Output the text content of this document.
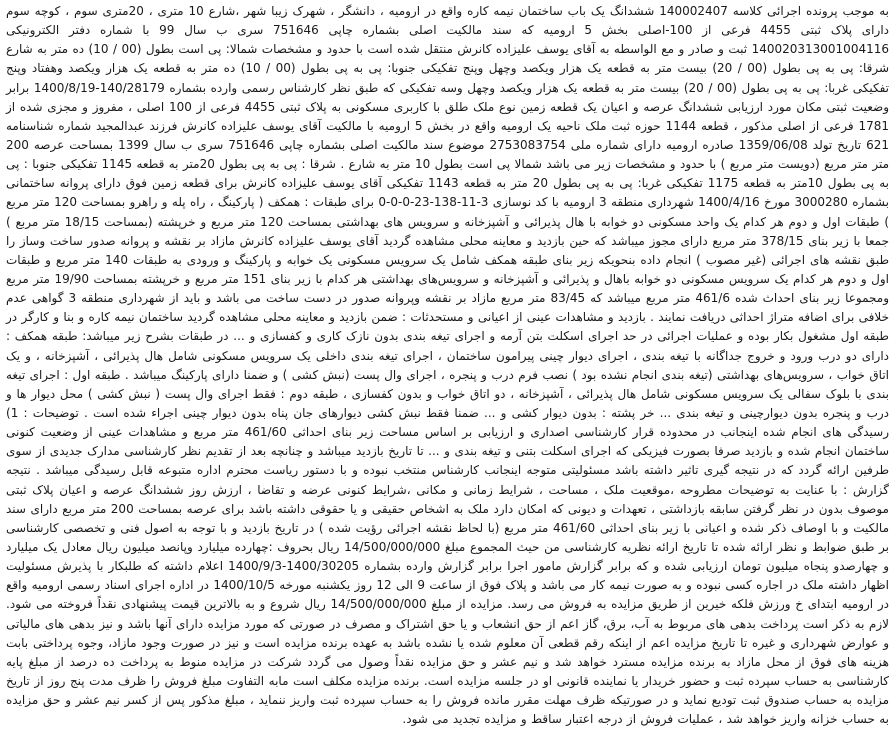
به موجب پرونده اجرائی کلاسه 140002407 ششدانگ یک باب ساختمان نیمه کاره واقع در ارومیه ، دانشگر ، شهرک زیبا شهر ،شارع 10 متری ، 20متری سوم ، کوچه سوم دارای پلاک ثبتی 4455 فرعی از 100-اصلی بخش 5 ارومیه که سند مالکیت اصلی بشماره چاپی 751646 سری ب سال 99 با شماره دفتر الکترونیکی 140020313001004116 ثبت و صادر و مع الواسطه به آقای یوسف علیزاده کانرش منتقل شده است با حدود و مشخصات شمالا: پی است بطول (00 / 10) ده متر به شارع شرقا: پی به پی بطول (00 / 20) بیست متر به قطعه یک هزار ویکصد وچهل وپنج تفکیکی جنوبا: پی به پی بطول (00 / 10) ده متر به قطعه یک هزار ویکصد وهفتاد وپنج تفکیکی غربا: پی به پی بطول (00 / 20) بیست متر به قطعه یک هزار ویکصد وچهل وسه تفکیکی که طبق نظر کارشناس رسمی وارده بشماره 140/28179-1400/8/19 برابر وضعیت ثبتی مکان مورد ارزیابی ششدانگ عرصه و اعیان یک قطعه زمین نوع ملک طلق با کاربری مسکونی به پلاک ثبتی 4455 فرعی از 100 اصلی ، مفروز و مجزی شده از 1781 فرعی از اصلی مذکور ، قطعه 1144 حوزه ثبت ملک ناحیه یک ارومیه واقع در بخش 5 ارومیه با مالکیت آقای یوسف علیزاده کانرش فرزند عبدالمجید شماره شناسنامه 621 تاریخ تولد 1359/06/08 صادره ارومیه دارای شماره ملی 2753083754 موضوع سند مالکیت اصلی بشماره چاپی 751646 سری ب سال 1399 بمساحت عرصه 200 متر متر مربع (دویست متر مربع ) با حدود و مشخصات زیر می باشد شمالا پی است بطول 10 متر به شارع . شرقا : پی به پی بطول 20متر به قطعه 1145 تفکیکی جنوبا : پی به پی بطول 10متر به قطعه 1175 تفکیکی غربا: پی به پی بطول 20 متر به قطعه 1143 تفکیکی آقای یوسف علیزاده کانرش برای قطعه زمین فوق دارای پروانه ساختمانی بشماره 3000280 مورخ 1400/4/16 شهرداری منطقه 3 ارومیه با کد نوسازی 3-11-138-23-0-0-0 برای طبقات : همکف ( پارکینگ ، راه پله و راهرو بمساحت 120 متر مربع ) طبقات اول و دوم هر کدام یک واحد مسکونی دو خوابه با هال پذیرائی و آشپزخانه و سرویس های بهداشتی بمساحت 120 متر مربع و خرپشته (بمساحت 18/15 متر مربع ) جمعا با زیر بنای 378/15 متر مربع دارای مجوز میباشد که حین بازدید و معاینه محلی مشاهده گردید آقای یوسف علیزاده کانرش مازاد بر نقشه و پروانه صدور ساخت وساز را طبق نقشه های اجرائی (غیر مصوب ) انجام داده بنحویکه زیر بنای طبقه همکف شامل یک سرویس مسکونی یک خوابه و پارکینگ و ورودی به طبقات 140 متر مربع و طبقات اول و دوم هر کدام یک سرویس مسکونی دو خوابه باهال و پذیرائی و آشپزخانه و سرویس‌های بهداشتی هر کدام با زیر بنای 151 متر مربع و خرپشته بمساحت 19/90 متر مربع ومجموعا زیر بنای احداث شده 461/6 متر مربع میباشد که 83/45 متر مربع مازاد بر نقشه وپروانه صدور در دست ساخت می باشد و باید از شهرداری منطقه 3 گواهی عدم خلافی برای اضافه متراژ احداثی دریافت نمایند . بازدید و مشاهدات عینی از اعیانی و مستحدثات : ضمن بازدید و معاینه محلی مشاهده گردید ساختمان نیمه کاره و بنا و کارگر در طبقه اول مشغول بکار بوده و عملیات اجرائی در حد اجرای اسکلت بتن آرمه و اجرای تیغه بندی بدون نازک کاری و کفسازی و ... در طبقات بشرح زیر میباشد: طبقه همکف : دارای دو درب ورود و خروج جداگانه با تیغه بندی ، اجرای دیوار چینی پیرامون ساختمان ، اجرای تیغه بندی داخلی یک سرویس مسکونی شامل هال پذیرائی ، آشپزخانه ، و یک اتاق خواب ، سرویس‌های بهداشتی (تیغه بندی انجام نشده بود ) نصب فرم درب و پنجره ، اجرای وال پست (نبش کشی ) و ضمنا دارای پارکینگ میباشد . طبقه اول : اجرای تیغه بندی با بلوک سفالی یک سرویس مسکونی شامل هال پذیرائی ، آشپزخانه ، دو اتاق خواب و بدون کفسازی ، طبقه دوم : فقط اجرای وال پست ( نبش کشی ) محل دیوار ها و درب و پنجره بدون دیوارچینی و تیغه بندی ... خر پشته : بدون دیوار کشی و ... ضمنا فقط نبش کشی دیوارهای جان پناه بدون دیوار چینی اجراء شده است . توضیحات : 1) رسیدگی های انجام شده اینجانب در محدوده قرار کارشناسی اصداری و ارزیابی بر اساس مساحت زیر بنای احداثی 461/60 متر مربع و مشاهدات عینی از وضعیت کنونی ساختمان انجام شده و بازدید صرفا بصورت فیزیکی که اجرای اسکلت بتنی و تیغه بندی و ... تا تاریخ بازدید میباشد و چنانچه بعد از تقدیم نظر کارشناسی مدارک جدیدی از سوی طرفین ارائه گردد که در نتیجه گیری تاثیر داشته باشد مسئولیتی متوجه اینجانب کارشناس منتخب نبوده و با دستور ریاست محترم اداره متبوعه قابل رسیدگی میباشد . نتیجه گزارش : با عنایت به توضیحات مطروحه ،موقعیت ملک ، مساحت ، شرایط زمانی و مکانی ،شرایط کنونی عرضه و تقاضا ، ارزش روز ششدانگ عرصه و اعیان پلاک ثبتی موصوف بدون در نظر گرفتن سابقه بازداشتی ، تعهدات و دیونی که امکان دارد ملک به اشخاص حقیقی و یا حقوقی داشته باشد برای عرصه بمساحت 200 متر مربع دارای سند مالکیت و با اوصاف ذکر شده و اعیانی با زیر بنای احداثی 461/60 متر مربع (با لحاظ نقشه اجرائی رؤیت شده ) در تاریخ بازدید و با توجه به اصول فنی و تخصصی کارشناسی بر طبق ضوابط و نظر ارائه شده تا تاریخ ارائه نظریه کارشناسی من حیث المجموع مبلغ 14/500/000/000 ریال بحروف :چهارده میلیارد وپانصد میلیون ریال معادل یک میلیارد و چهارصدو پنجاه میلیون تومان ارزیابی شده و که برابر گزارش مامور اجرا برابر گزارش وارده بشماره 1400/30205-1400/9/3 اعلام داشته که طلبکار با پذیرش مسئولیت اظهار داشته ملک در اجاره کسی نبوده و به صورت نیمه کار می باشد و پلاک فوق از ساعت 9 الی 12 روز یکشنبه مورخه 1400/10/5 در اداره اجرای اسناد رسمی ارومیه واقع در ارومیه ابتدای خ ورزش فلکه خیرین از طریق مزایده به فروش می رسد. مزایده از مبلغ 14/500/000/000 ریال شروع و به بالاترین قیمت پیشنهادی نقداً فروخته می شود. لازم به ذکر است پرداخت بدهی های مربوط به آب، برق، گاز اعم از حق انشعاب و یا حق اشتراک و مصرف در صورتی که مورد مزایده دارای آنها باشد و نیز بدهی های مالیاتی و عوارض شهرداری و غیره تا تاریخ مزایده اعم از اینکه رقم قطعی آن معلوم شده یا نشده باشد به عهده برنده مزایده است و نیز در صورت وجود مازاد، وجوه پرداختی بابت هزینه های فوق از محل مازاد به برنده مزایده مسترد خواهد شد و نیم عشر و حق مزایده نقداً وصول می گردد شرکت در مزایده منوط به پرداخت ده درصد از مبلغ پایه کارشناسی به حساب سپرده ثبت و حضور خریدار یا نماینده قانونی او در جلسه مزایده است. برنده مزایده مکلف است مابه التفاوت مبلغ فروش را ظرف مدت پنج روز از تاریخ مزایده به حساب صندوق ثبت تودیع نماید و در صورتیکه ظرف مهلت مقرر مانده فروش را به حساب سپرده ثبت واریز ننماید ، مبلغ مذکور پس از کسر نیم عشر و حق مزایده به حساب خزانه واریز خواهد شد ، عملیات فروش از درجه اعتبار ساقط و مزایده تجدید می شود.
